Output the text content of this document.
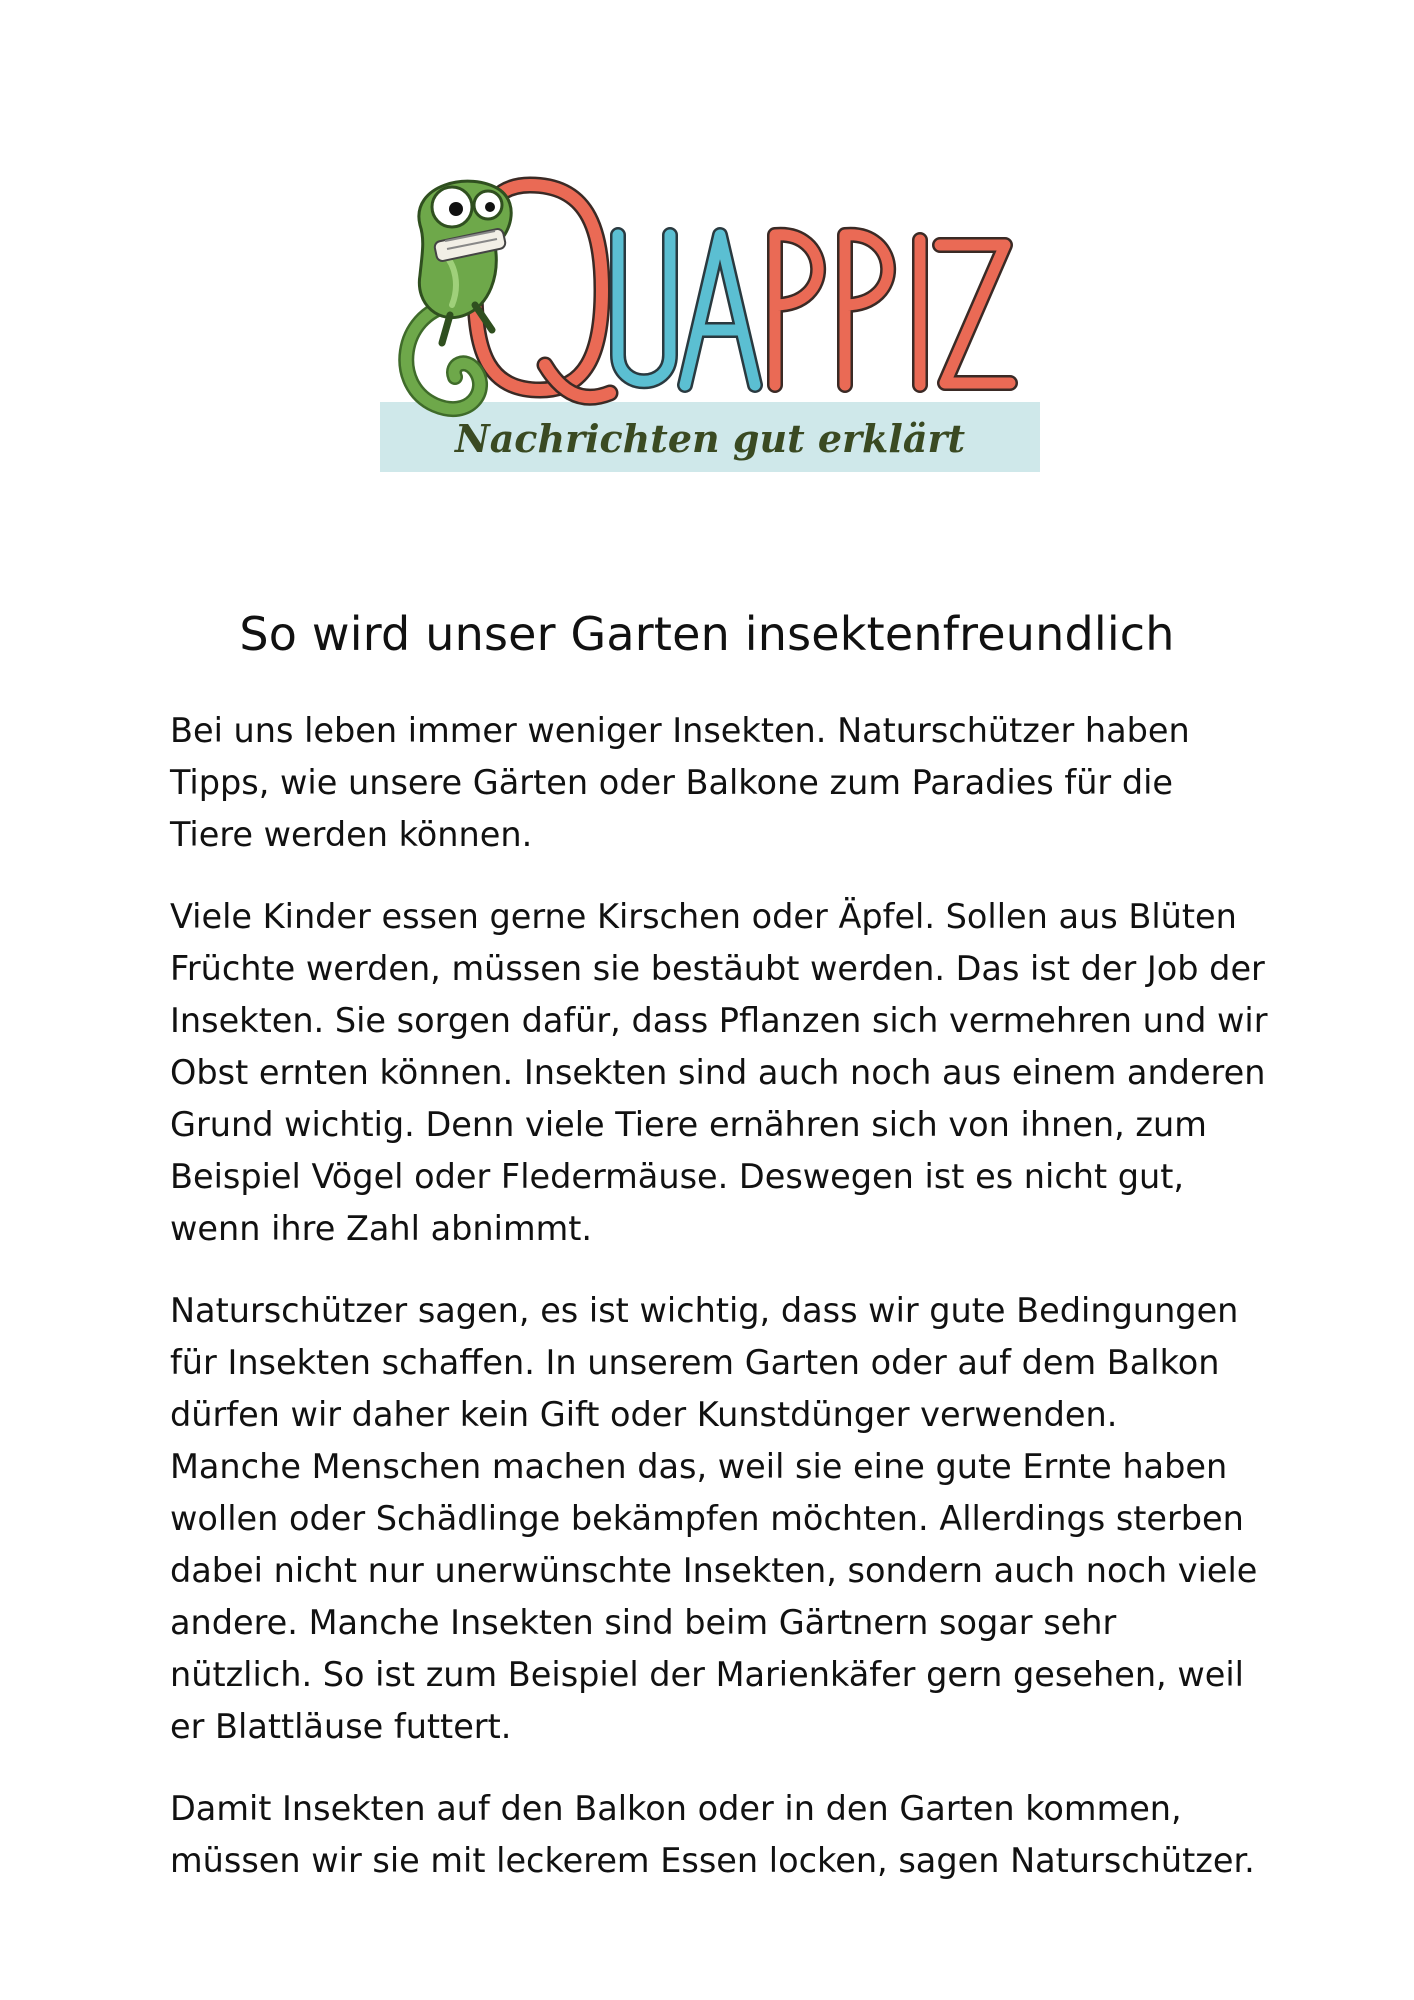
Nachrichten gut erklärt
So wird unser Garten insektenfreundlich

Bei uns leben immer weniger Insekten. Naturschützer haben
Tipps, wie unsere Gärten oder Balkone zum Paradies für die
Tiere werden können.

Viele Kinder essen gerne Kirschen oder Äpfel. Sollen aus Blüten
Früchte werden, müssen sie bestäubt werden. Das ist der Job der
Insekten. Sie sorgen dafür, dass Pflanzen sich vermehren und wir
Obst ernten können. Insekten sind auch noch aus einem anderen
Grund wichtig. Denn viele Tiere ernähren sich von ihnen, zum
Beispiel Vögel oder Fledermäuse. Deswegen ist es nicht gut,
wenn ihre Zahl abnimmt.

Naturschützer sagen, es ist wichtig, dass wir gute Bedingungen
für Insekten schaffen. In unserem Garten oder auf dem Balkon
dürfen wir daher kein Gift oder Kunstdünger verwenden.
Manche Menschen machen das, weil sie eine gute Ernte haben
wollen oder Schädlinge bekämpfen möchten. Allerdings sterben
dabei nicht nur unerwünschte Insekten, sondern auch noch viele
andere. Manche Insekten sind beim Gärtnern sogar sehr
nützlich. So ist zum Beispiel der Marienkäfer gern gesehen, weil
er Blattläuse futtert.

Damit Insekten auf den Balkon oder in den Garten kommen,
müssen wir sie mit leckerem Essen locken, sagen Naturschützer.
